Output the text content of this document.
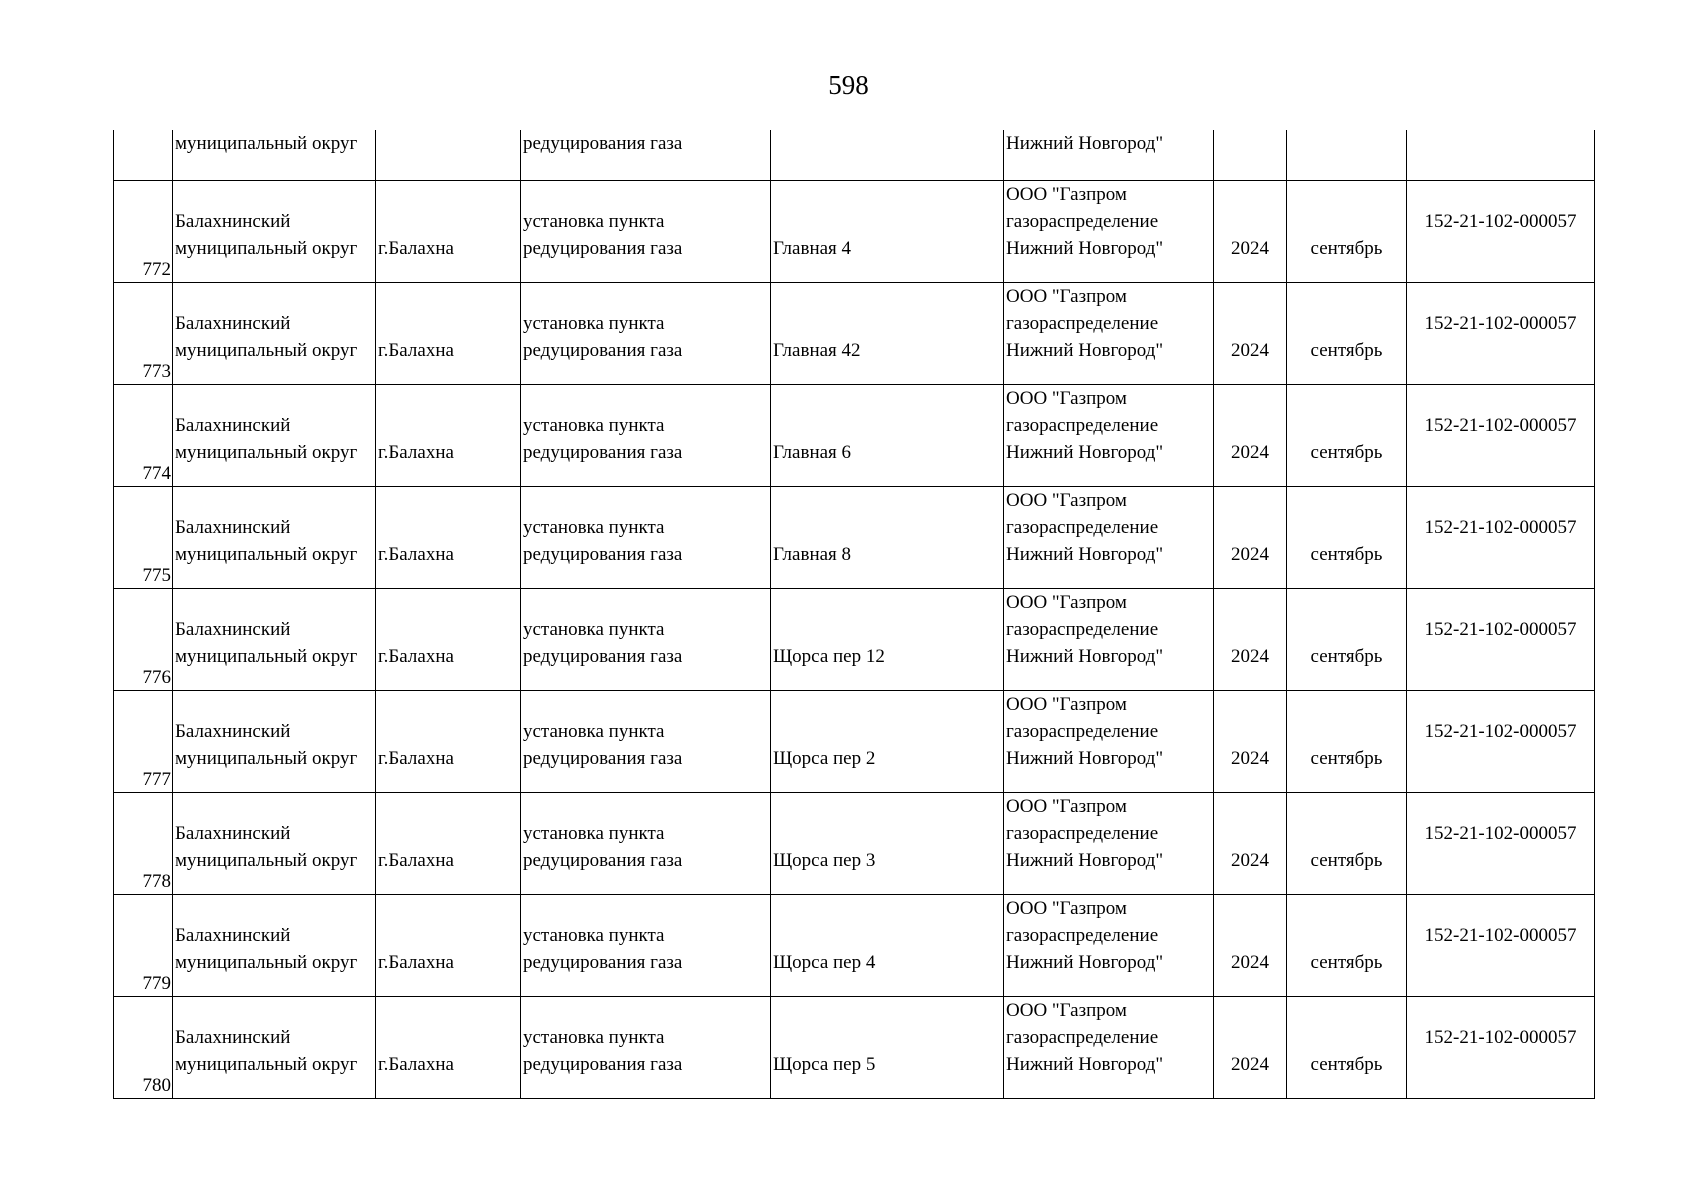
598

	муниципальный округ		редуцирования газа		Нижний Новгород"			

772	Балахнинский
муниципальный округ	г.Балахна	установка пункта
редуцирования газа	Главная 4	ООО "Газпром
газораспределение
Нижний Новгород"	2024	сентябрь	152-21-102-000057
773	Балахнинский
муниципальный округ	г.Балахна	установка пункта
редуцирования газа	Главная 42	ООО "Газпром
газораспределение
Нижний Новгород"	2024	сентябрь	152-21-102-000057
774	Балахнинский
муниципальный округ	г.Балахна	установка пункта
редуцирования газа	Главная 6	ООО "Газпром
газораспределение
Нижний Новгород"	2024	сентябрь	152-21-102-000057
775	Балахнинский
муниципальный округ	г.Балахна	установка пункта
редуцирования газа	Главная 8	ООО "Газпром
газораспределение
Нижний Новгород"	2024	сентябрь	152-21-102-000057
776	Балахнинский
муниципальный округ	г.Балахна	установка пункта
редуцирования газа	Щорса пер 12	ООО "Газпром
газораспределение
Нижний Новгород"	2024	сентябрь	152-21-102-000057
777	Балахнинский
муниципальный округ	г.Балахна	установка пункта
редуцирования газа	Щорса пер 2	ООО "Газпром
газораспределение
Нижний Новгород"	2024	сентябрь	152-21-102-000057
778	Балахнинский
муниципальный округ	г.Балахна	установка пункта
редуцирования газа	Щорса пер 3	ООО "Газпром
газораспределение
Нижний Новгород"	2024	сентябрь	152-21-102-000057
779	Балахнинский
муниципальный округ	г.Балахна	установка пункта
редуцирования газа	Щорса пер 4	ООО "Газпром
газораспределение
Нижний Новгород"	2024	сентябрь	152-21-102-000057
780	Балахнинский
муниципальный округ	г.Балахна	установка пункта
редуцирования газа	Щорса пер 5	ООО "Газпром
газораспределение
Нижний Новгород"	2024	сентябрь	152-21-102-000057
